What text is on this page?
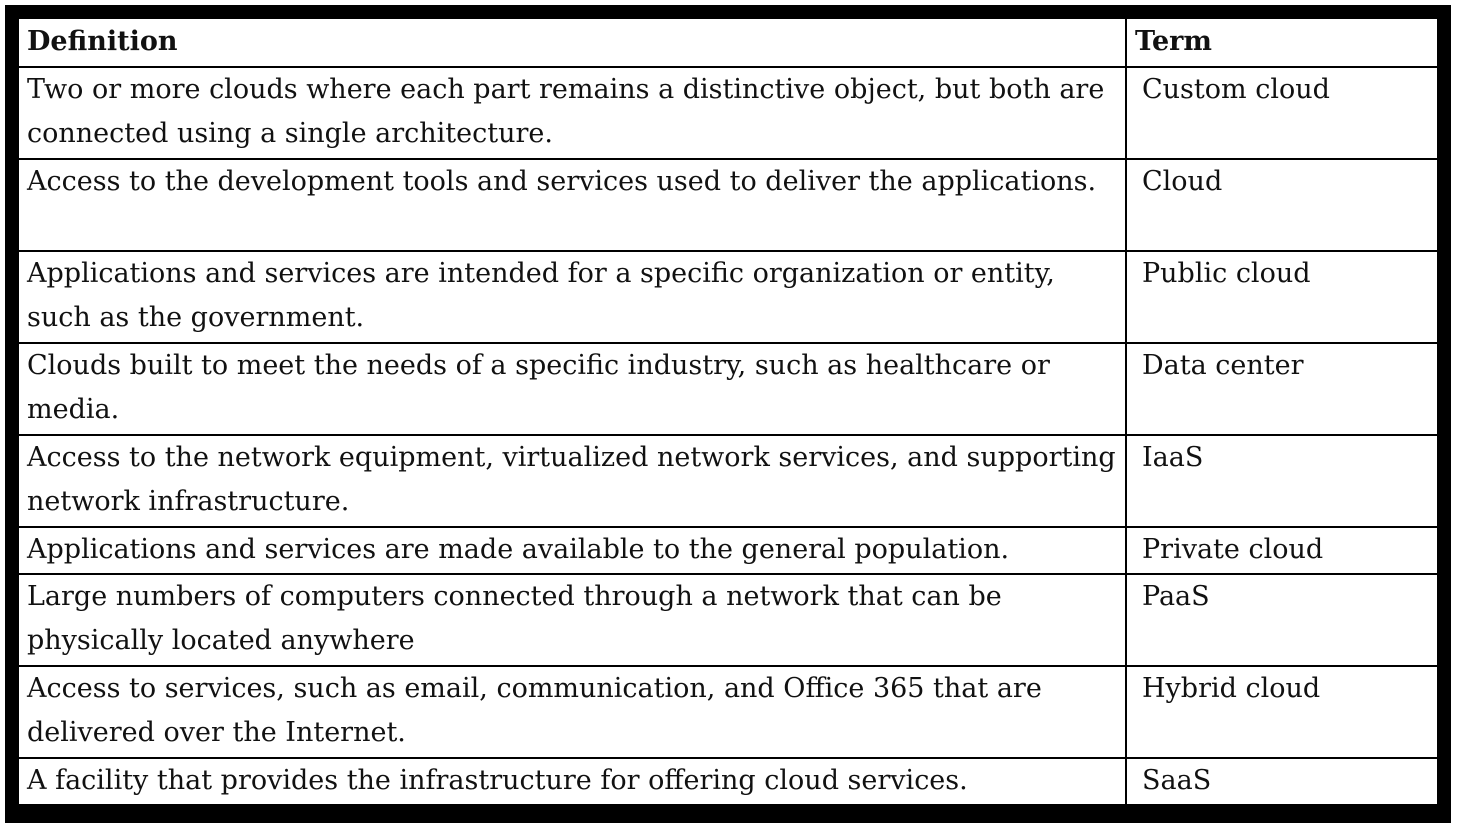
Definition	Term
Two or more clouds where each part remains a distinctive object, but both are connected using a single architecture.	Custom cloud
Access to the development tools and services used to deliver the applications.	Cloud
Applications and services are intended for a specific organization or entity, such as the government.	Public cloud
Clouds built to meet the needs of a specific industry, such as healthcare or media.	Data center
Access to the network equipment, virtualized network services, and supporting network infrastructure.	IaaS
Applications and services are made available to the general population.	Private cloud
Large numbers of computers connected through a network that can be physically located anywhere	PaaS
Access to services, such as email, communication, and Office 365 that are delivered over the Internet.	Hybrid cloud
A facility that provides the infrastructure for offering cloud services.	SaaS
